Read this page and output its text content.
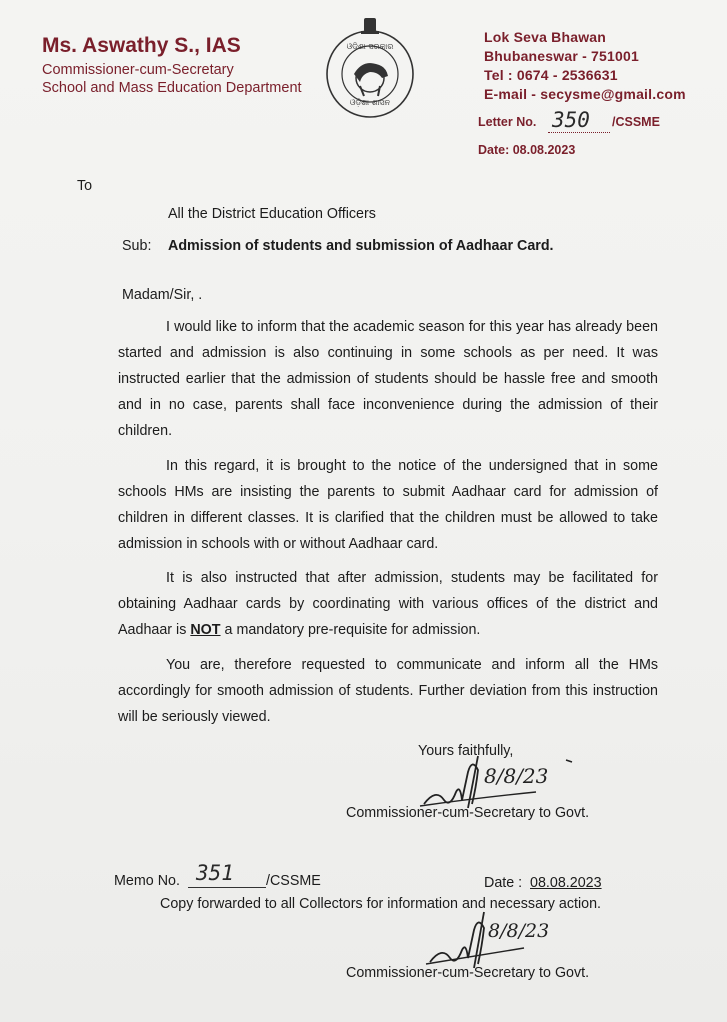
Ms. Aswathy S., IAS
Commissioner-cum-Secretary
School and Mass Education Department
ଓଡ଼ିଶା ସରକାର
ଓଡ଼ିଶା ଶାସନ
Lok Seva Bhawan
Bhubaneswar - 751001
Tel : 0674 - 2536631
E-mail - secysme@gmail.com
Letter No. 350 /CSSME
Date: 08.08.2023
To
All the District Education Officers
Sub: Admission of students and submission of Aadhaar Card.
Madam/Sir, .
I would like to inform that the academic season for this year has already been started and admission is also continuing in some schools as per need. It was instructed earlier that the admission of students should be hassle free and smooth and in no case, parents shall face inconvenience during the admission of their children.
In this regard, it is brought to the notice of the undersigned that in some schools HMs are insisting the parents to submit Aadhaar card for admission of children in different classes. It is clarified that the children must be allowed to take admission in schools with or without Aadhaar card.
It is also instructed that after admission, students may be facilitated for obtaining Aadhaar cards by coordinating with various offices of the district and Aadhaar is NOT a mandatory pre-requisite for admission.
You are, therefore requested to communicate and inform all the HMs accordingly for smooth admission of students. Further deviation from this instruction will be seriously viewed.
Yours faithfully,
8/8/23
Commissioner-cum-Secretary to Govt.
Memo No. 351 /CSSME	Date : 08.08.2023
Copy forwarded to all Collectors for information and necessary action.
8/8/23
Commissioner-cum-Secretary to Govt.
